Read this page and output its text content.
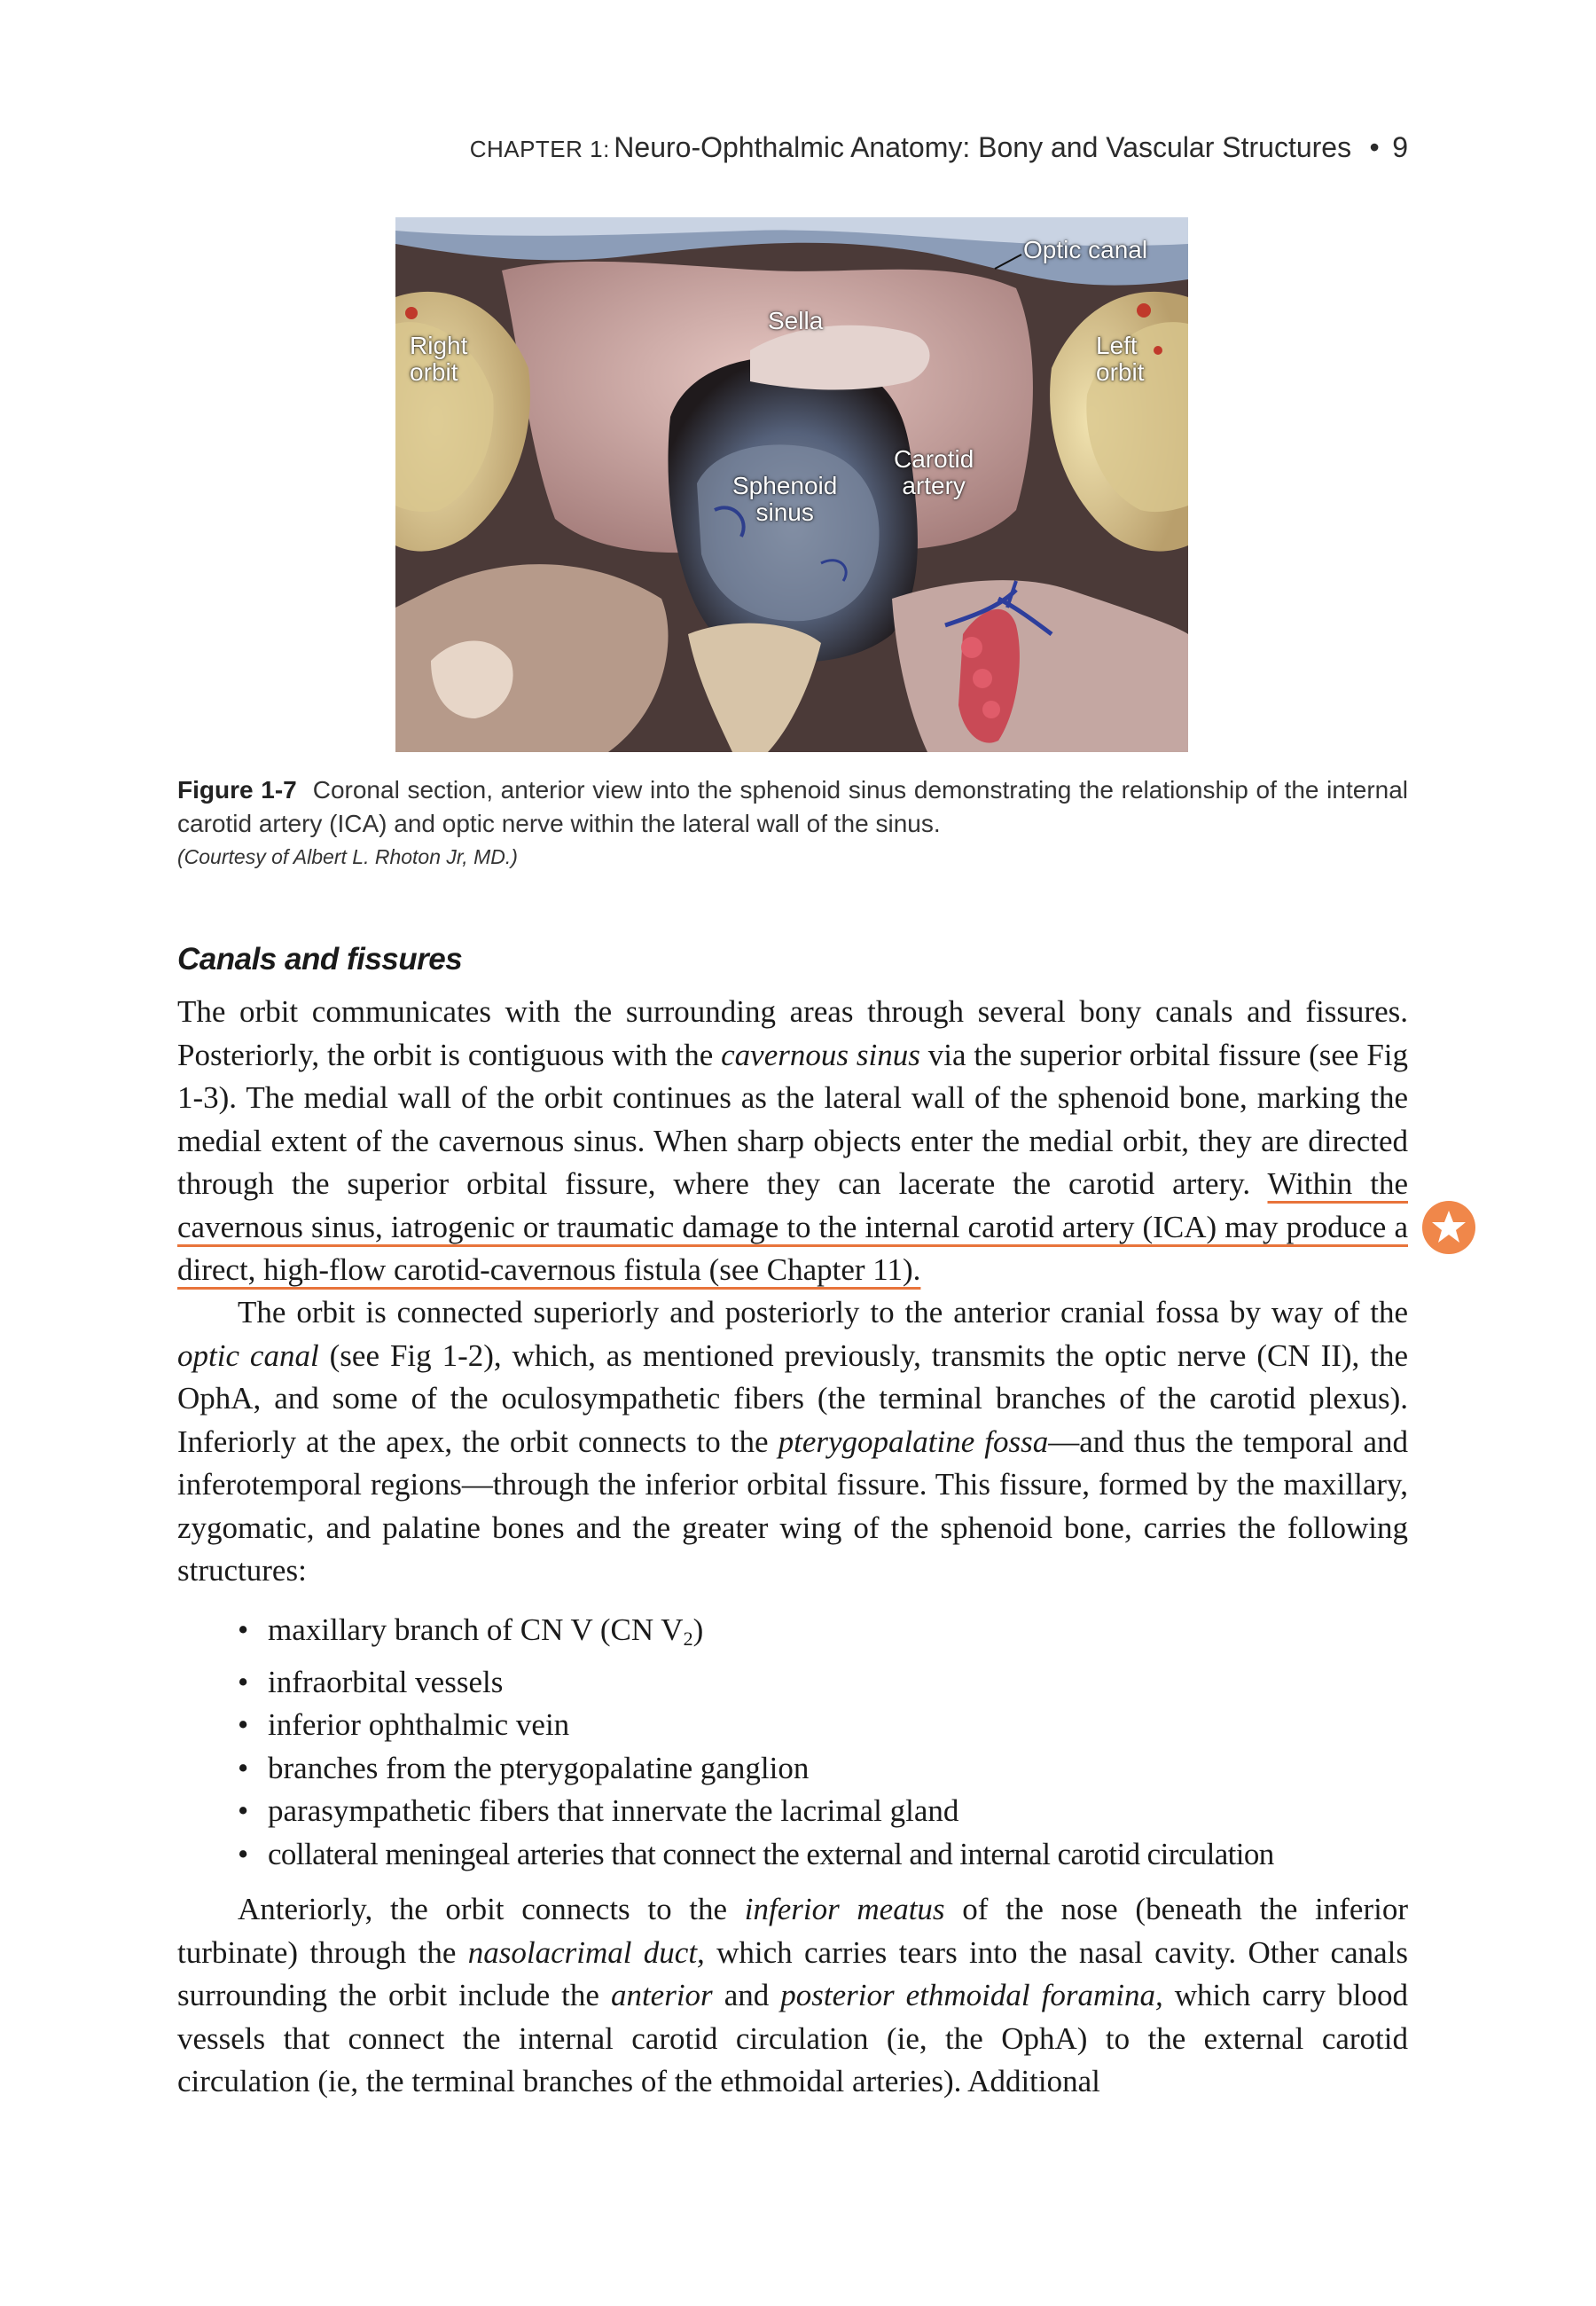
CHAPTER 1: Neuro-Ophthalmic Anatomy: Bony and Vascular Structures • 9
Optic canal
Sella
Right
orbit
Left
orbit
Sphenoid
sinus
Carotid
artery
Figure 1-7 Coronal section, anterior view into the sphenoid sinus demonstrating the relationship of the internal carotid artery (ICA) and optic nerve within the lateral wall of the sinus.
(Courtesy of Albert L. Rhoton Jr, MD.)
Canals and fissures

The orbit communicates with the surrounding areas through several bony canals and fissures. Posteriorly, the orbit is contiguous with the cavernous sinus via the superior orbital fissure (see Fig 1-3). The medial wall of the orbit continues as the lateral wall of the sphenoid bone, marking the medial extent of the cavernous sinus. When sharp objects enter the medial orbit, they are directed through the superior orbital fissure, where they can lacerate the carotid artery. Within the cavernous sinus, iatrogenic or traumatic damage to the internal carotid artery (ICA) may produce a direct, high-flow carotid-cavernous fistula (see Chapter 11).

The orbit is connected superiorly and posteriorly to the anterior cranial fossa by way of the optic canal (see Fig 1-2), which, as mentioned previously, transmits the optic nerve (CN II), the OphA, and some of the oculosympathetic fibers (the terminal branches of the carotid plexus). Inferiorly at the apex, the orbit connects to the pterygopalatine fossa—and thus the temporal and inferotemporal regions—through the inferior orbital fissure. This fissure, formed by the maxillary, zygomatic, and palatine bones and the greater wing of the sphenoid bone, carries the following structures:

• maxillary branch of CN V (CN $V_2$)
• infraorbital vessels
• inferior ophthalmic vein
• branches from the pterygopalatine ganglion
• parasympathetic fibers that innervate the lacrimal gland
• collateral meningeal arteries that connect the external and internal carotid circulation

Anteriorly, the orbit connects to the inferior meatus of the nose (beneath the inferior turbinate) through the nasolacrimal duct, which carries tears into the nasal cavity. Other canals surrounding the orbit include the anterior and posterior ethmoidal foramina, which carry blood vessels that connect the internal carotid circulation (ie, the OphA) to the external carotid circulation (ie, the terminal branches of the ethmoidal arteries). Additional
